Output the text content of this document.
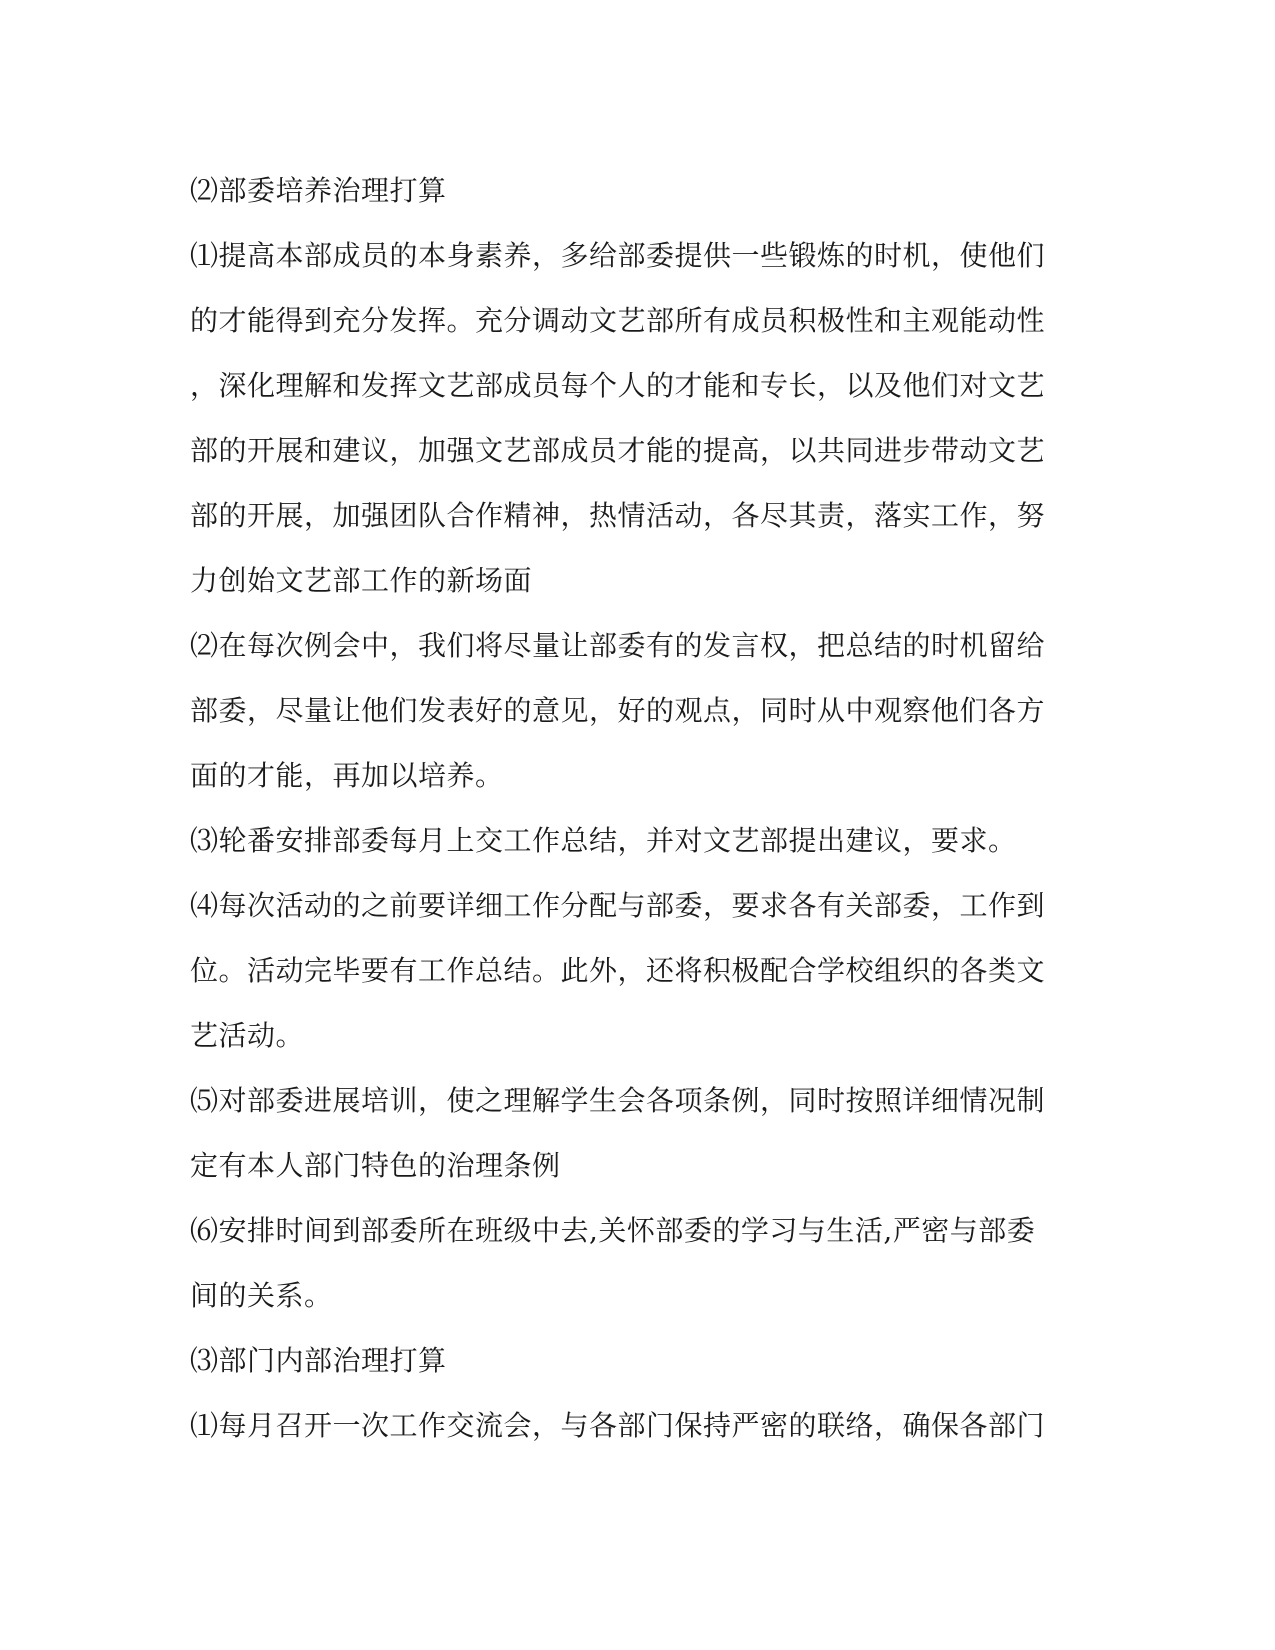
⑵部委培养治理打算
⑴提高本部成员的本身素养，多给部委提供一些锻炼的时机，使他们
的才能得到充分发挥。充分调动文艺部所有成员积极性和主观能动性
，深化理解和发挥文艺部成员每个人的才能和专长，以及他们对文艺
部的开展和建议，加强文艺部成员才能的提高，以共同进步带动文艺
部的开展，加强团队合作精神，热情活动，各尽其责，落实工作，努
力创始文艺部工作的新场面
⑵在每次例会中，我们将尽量让部委有的发言权，把总结的时机留给
部委，尽量让他们发表好的意见，好的观点，同时从中观察他们各方
面的才能，再加以培养。
⑶轮番安排部委每月上交工作总结，并对文艺部提出建议，要求。
⑷每次活动的之前要详细工作分配与部委，要求各有关部委，工作到
位。活动完毕要有工作总结。此外，还将积极配合学校组织的各类文
艺活动。
⑸对部委进展培训，使之理解学生会各项条例，同时按照详细情况制
定有本人部门特色的治理条例
⑹安排时间到部委所在班级中去,关怀部委的学习与生活,严密与部委
间的关系。
⑶部门内部治理打算
⑴每月召开一次工作交流会，与各部门保持严密的联络，确保各部门
